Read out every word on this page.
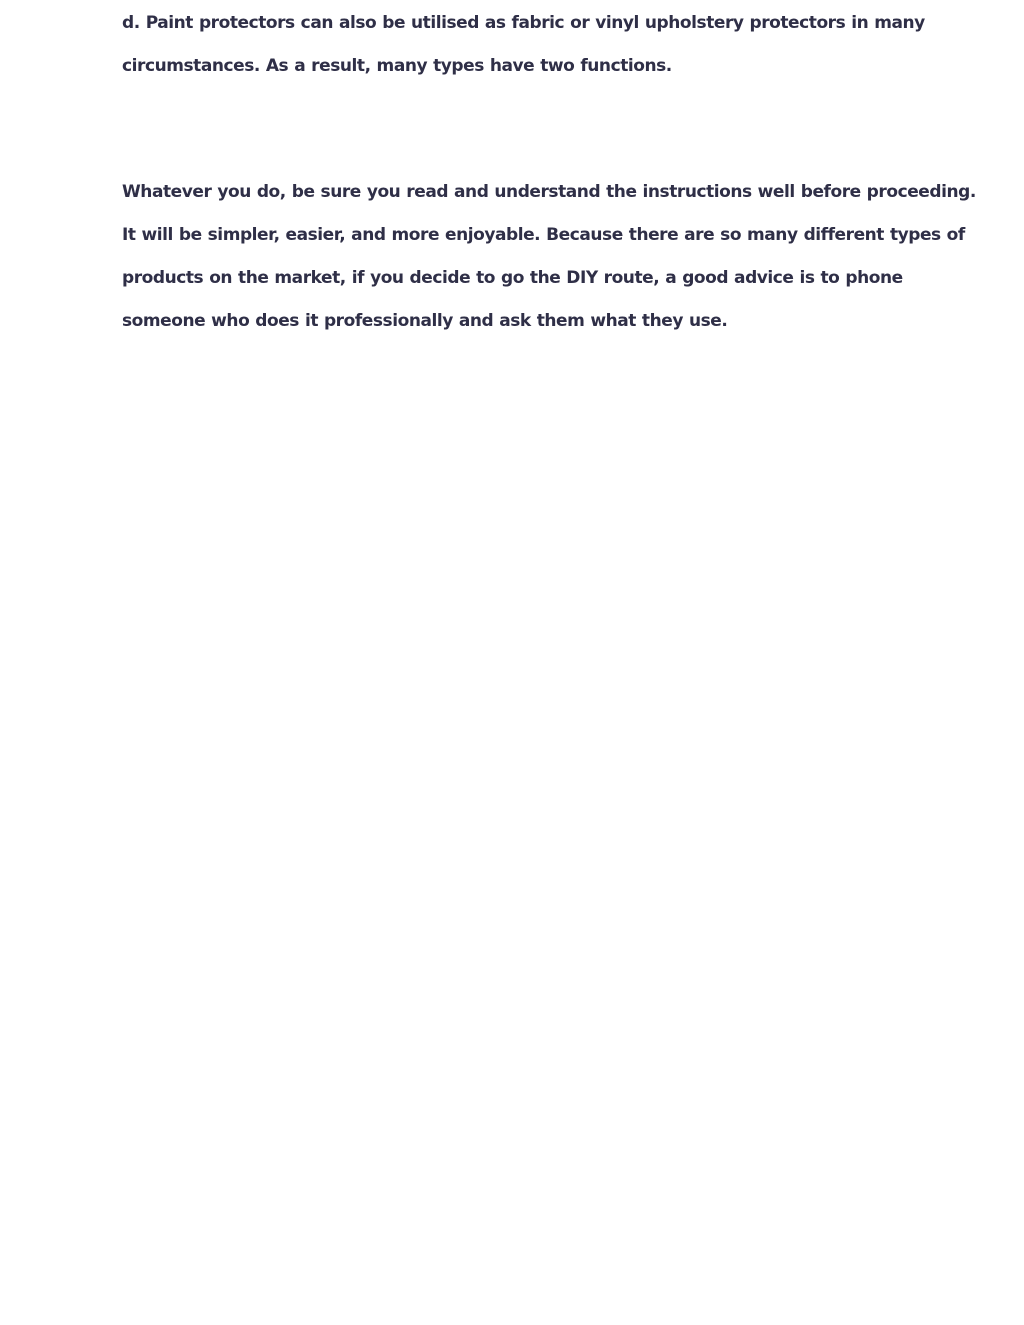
d. Paint protectors can also be utilised as fabric or vinyl upholstery protectors in many

circumstances. As a result, many types have two functions.

Whatever you do, be sure you read and understand the instructions well before proceeding.

It will be simpler, easier, and more enjoyable. Because there are so many different types of

products on the market, if you decide to go the DIY route, a good advice is to phone

someone who does it professionally and ask them what they use.
